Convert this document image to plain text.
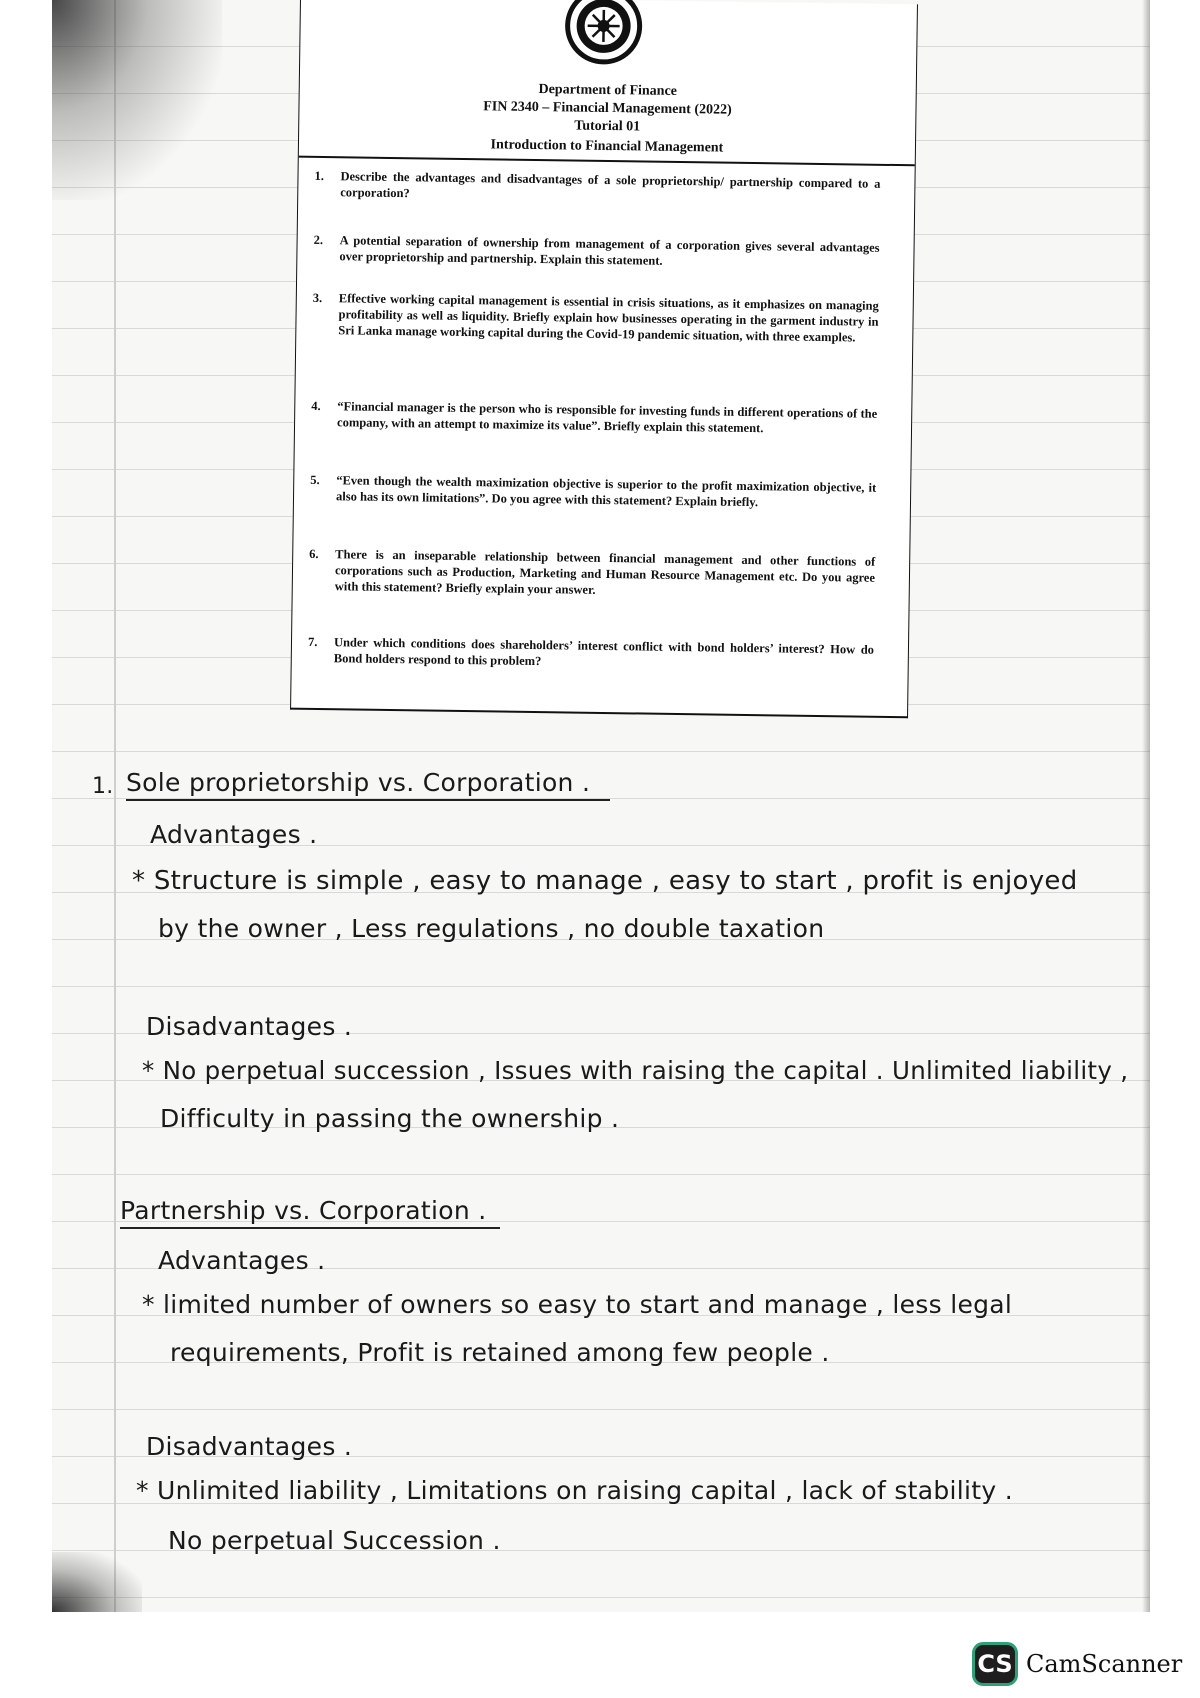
Department of Finance
FIN 2340 – Financial Management (2022)
Tutorial 01
Introduction to Financial Management
1. Describe the advantages and disadvantages of a sole proprietorship/ partnership compared to a corporation?
2. A potential separation of ownership from management of a corporation gives several advantages over proprietorship and partnership. Explain this statement.
3. Effective working capital management is essential in crisis situations, as it emphasizes on managing profitability as well as liquidity. Briefly explain how businesses operating in the garment industry in Sri Lanka manage working capital during the Covid-19 pandemic situation, with three examples.
4. “Financial manager is the person who is responsible for investing funds in different operations of the company, with an attempt to maximize its value”. Briefly explain this statement.
5. “Even though the wealth maximization objective is superior to the profit maximization objective, it also has its own limitations”. Do you agree with this statement? Explain briefly.
6. There is an inseparable relationship between financial management and other functions of corporations such as Production, Marketing and Human Resource Management etc. Do you agree with this statement? Briefly explain your answer.
7. Under which conditions does shareholders’ interest conflict with bond holders’ interest? How do Bond holders respond to this problem?
1. Sole proprietorship vs. Corporation .
Advantages .
* Structure is simple , easy to manage , easy to start , profit is enjoyed
by the owner , Less regulations , no double taxation
Disadvantages .
* No perpetual succession , Issues with raising the capital . Unlimited liability ,
Difficulty in passing the ownership .
Partnership vs. Corporation .
Advantages .
* limited number of owners so easy to start and manage , less legal
requirements, Profit is retained among few people .
Disadvantages .
* Unlimited liability , Limitations on raising capital , lack of stability .
No perpetual Succession .
CS CamScanner
